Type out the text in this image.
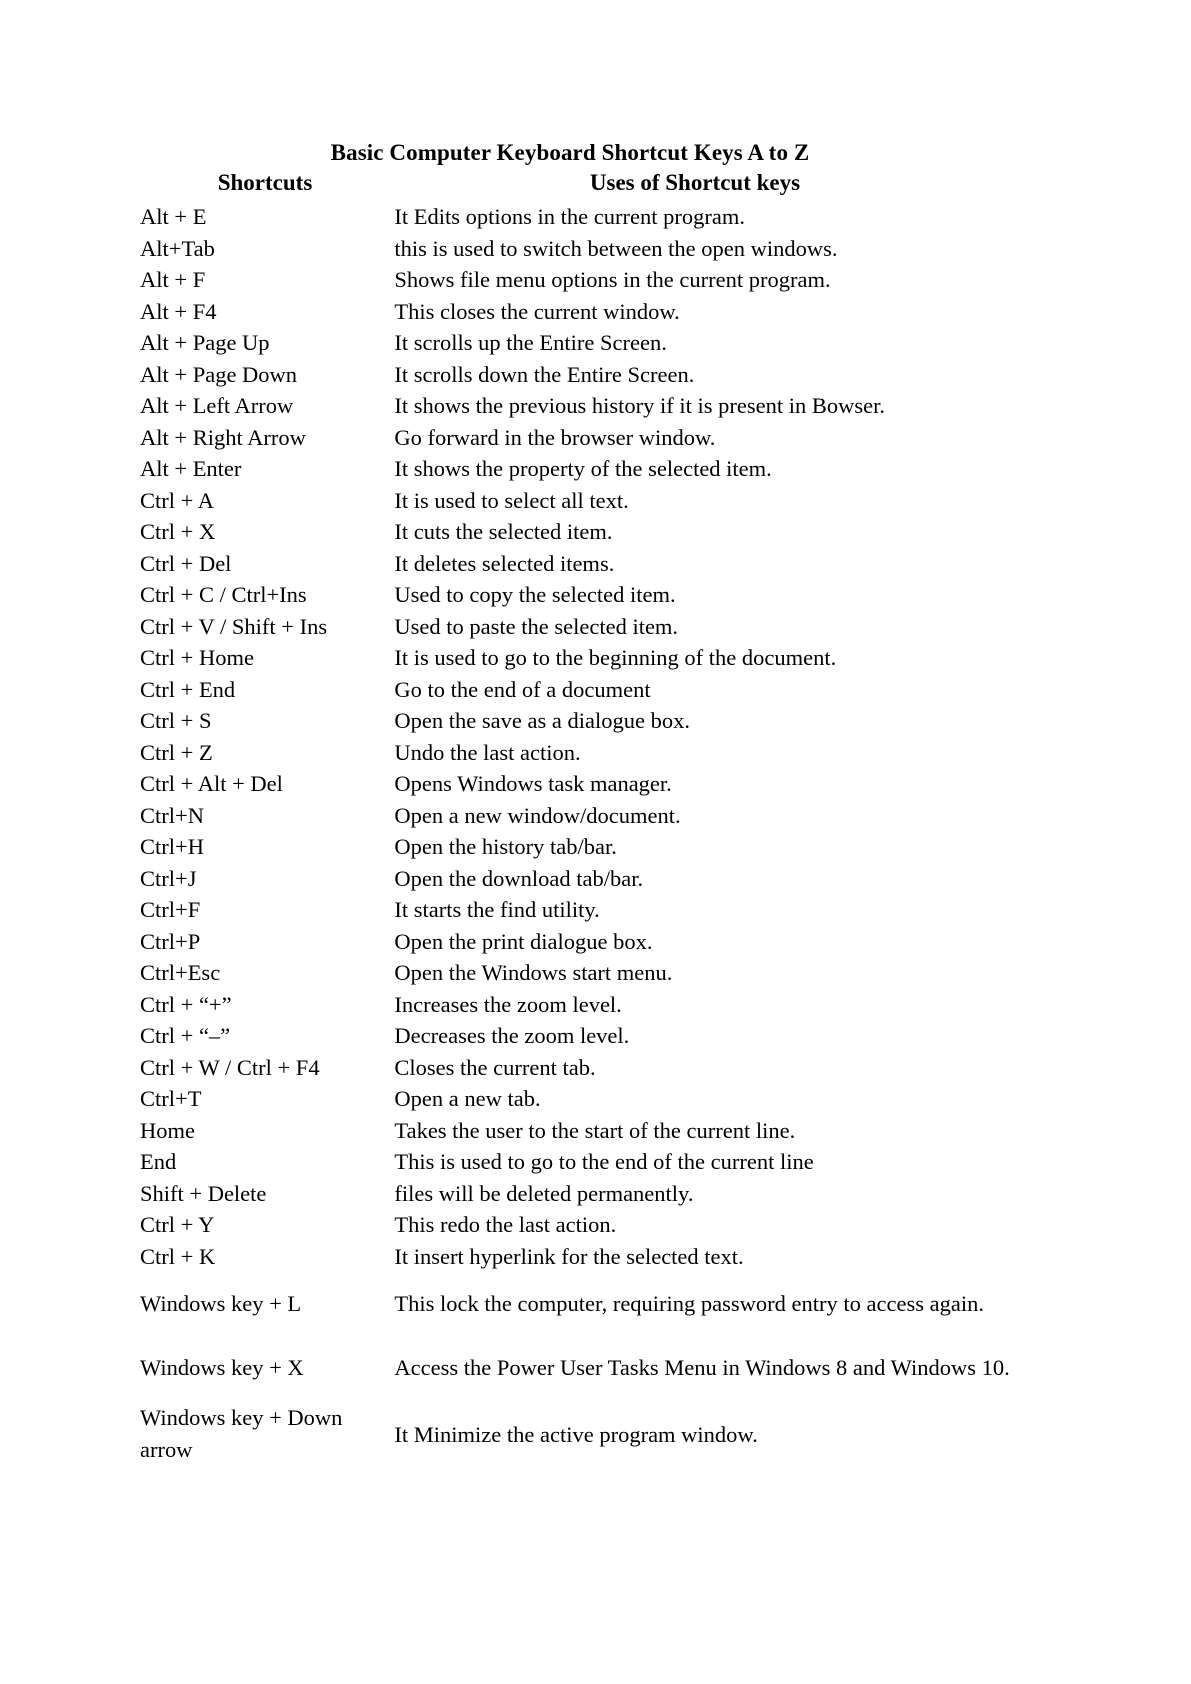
Basic Computer Keyboard Shortcut Keys A to Z
Shortcuts	Uses of Shortcut keys
Alt + E	It Edits options in the current program.
Alt+Tab	this is used to switch between the open windows.
Alt + F	Shows file menu options in the current program.
Alt + F4	This closes the current window.
Alt + Page Up	It scrolls up the Entire Screen.
Alt + Page Down	It scrolls down the Entire Screen.
Alt + Left Arrow	It shows the previous history if it is present in Bowser.
Alt + Right Arrow	Go forward in the browser window.
Alt + Enter	It shows the property of the selected item.
Ctrl + A	It is used to select all text.
Ctrl + X	It cuts the selected item.
Ctrl + Del	It deletes selected items.
Ctrl + C / Ctrl+Ins	Used to copy the selected item.
Ctrl + V / Shift + Ins	Used to paste the selected item.
Ctrl + Home	It is used to go to the beginning of the document.
Ctrl + End	Go to the end of a document
Ctrl + S	Open the save as a dialogue box.
Ctrl + Z	Undo the last action.
Ctrl + Alt + Del	Opens Windows task manager.
Ctrl+N	Open a new window/document.
Ctrl+H	Open the history tab/bar.
Ctrl+J	Open the download tab/bar.
Ctrl+F	It starts the find utility.
Ctrl+P	Open the print dialogue box.
Ctrl+Esc	Open the Windows start menu.
Ctrl + “+”	Increases the zoom level.
Ctrl + “–”	Decreases the zoom level.
Ctrl + W / Ctrl + F4	Closes the current tab.
Ctrl+T	Open a new tab.
Home	Takes the user to the start of the current line.
End	This is used to go to the end of the current line
Shift + Delete	files will be deleted permanently.
Ctrl + Y	This redo the last action.
Ctrl + K	It insert hyperlink for the selected text.
Windows key + L	This lock the computer, requiring password entry to access again.
Windows key + X	Access the Power User Tasks Menu in Windows 8 and Windows 10.
Windows key + Down arrow	It Minimize the active program window.
